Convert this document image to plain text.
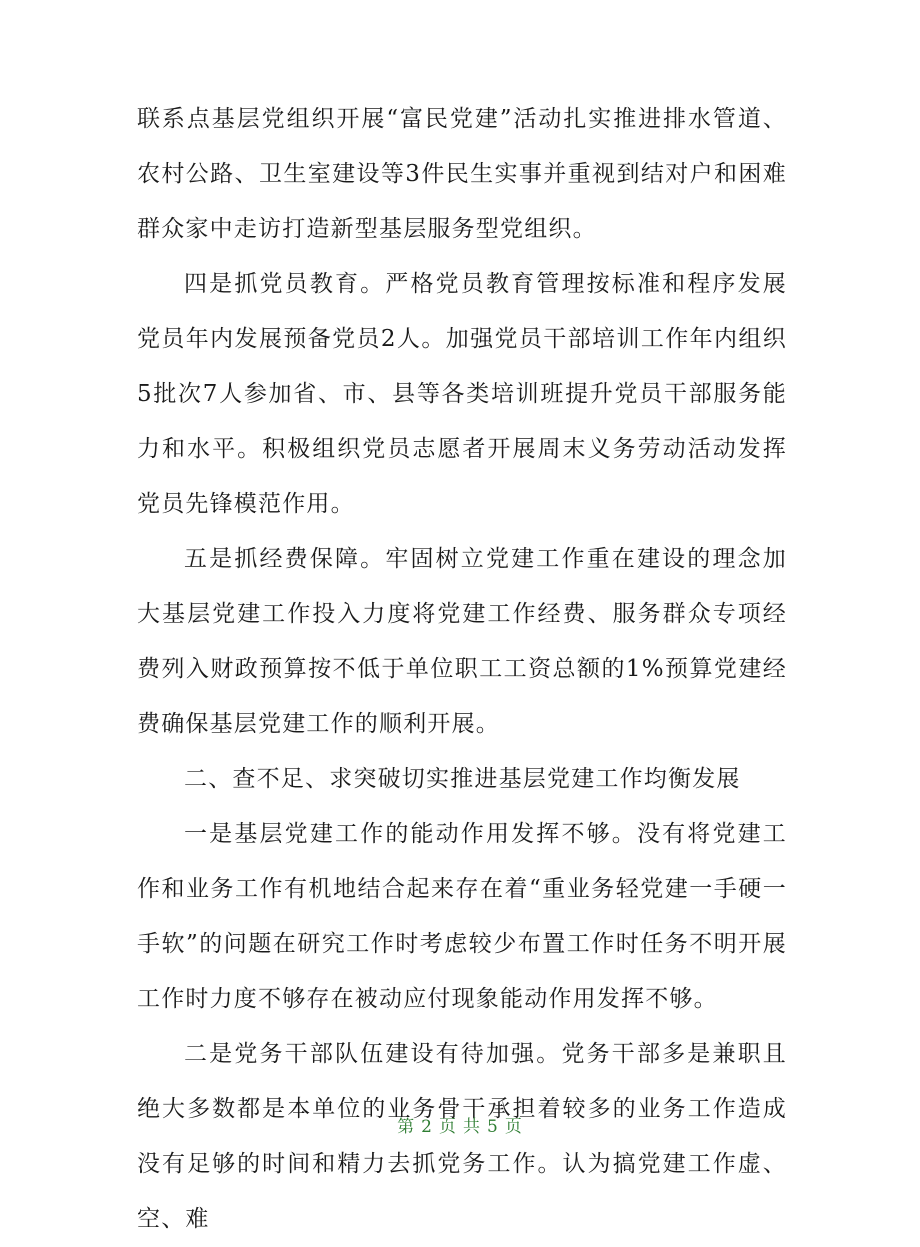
联系点基层党组织开展“富民党建”活动扎实推进排水管道、农村公路、卫生室建设等3件民生实事并重视到结对户和困难群众家中走访打造新型基层服务型党组织。

四是抓党员教育。严格党员教育管理按标准和程序发展党员年内发展预备党员2人。加强党员干部培训工作年内组织5批次7人参加省、市、县等各类培训班提升党员干部服务能力和水平。积极组织党员志愿者开展周末义务劳动活动发挥党员先锋模范作用。

五是抓经费保障。牢固树立党建工作重在建设的理念加大基层党建工作投入力度将党建工作经费、服务群众专项经费列入财政预算按不低于单位职工工资总额的1%预算党建经费确保基层党建工作的顺利开展。

二、查不足、求突破切实推进基层党建工作均衡发展

一是基层党建工作的能动作用发挥不够。没有将党建工作和业务工作有机地结合起来存在着“重业务轻党建一手硬一手软”的问题在研究工作时考虑较少布置工作时任务不明开展工作时力度不够存在被动应付现象能动作用发挥不够。

二是党务干部队伍建设有待加强。党务干部多是兼职且绝大多数都是本单位的业务骨干承担着较多的业务工作造成没有足够的时间和精力去抓党务工作。认为搞党建工作虚、空、难

第 2 页 共 5 页
